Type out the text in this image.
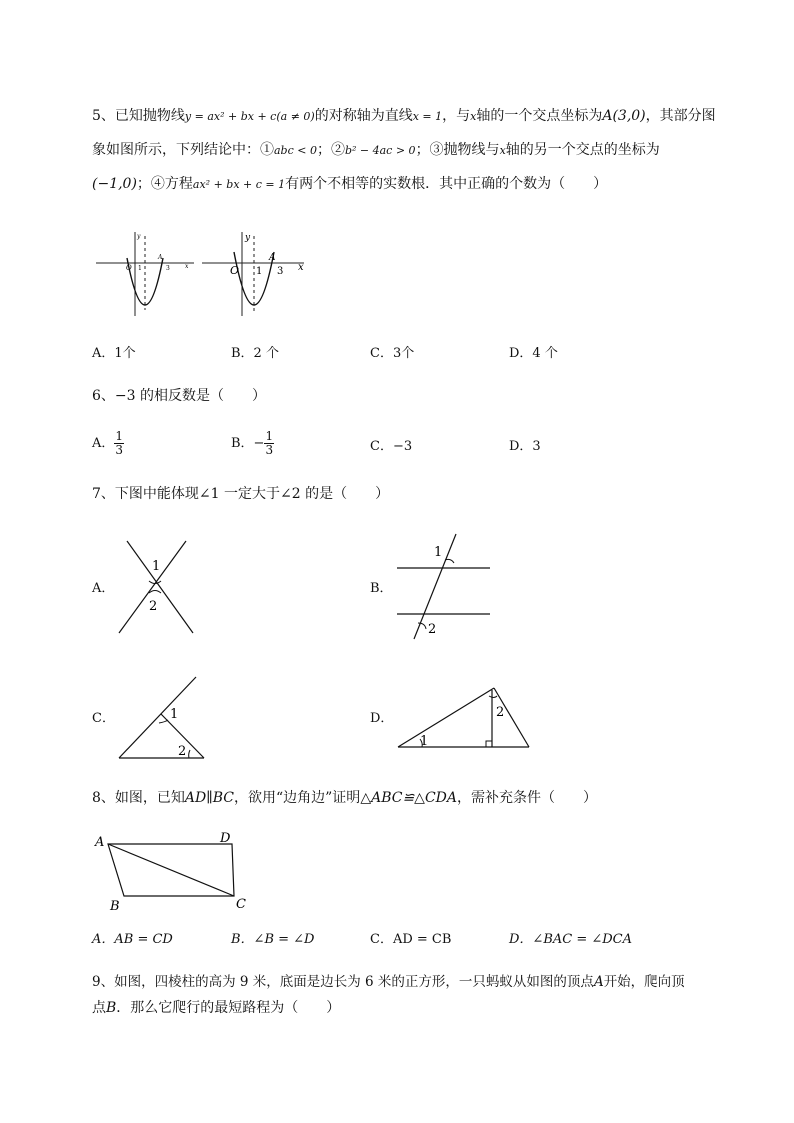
5、已知抛物线y = ax² + bx + c(a ≠ 0)的对称轴为直线x = 1，与x轴的一个交点坐标为A(3,0)，其部分图
象如图所示，下列结论中：①abc < 0；②b² − 4ac > 0；③抛物线与x轴的另一个交点的坐标为
(−1,0)；④方程ax² + bx + c = 1有两个不相等的实数根．其中正确的个数为（　　）
y
O 1
A
3	x
y
O 1
A
3 x
A．1个	B．2 个	C．3个	D．4 个
6、−3 的相反数是（　　）
A． $\frac{1}{3}$	B．− $\frac{1}{3}$	C．−3	D．3
7、下图中能体现∠1 一定大于∠2 的是（　　）
A．
1
2
B．
1
2
C．	1
2
D．	2
1
8、如图，已知AD∥BC，欲用“边角边”证明△ABC≌△CDA，需补充条件（　　）
A	D
B	C
A．AB = CD	B．∠B = ∠D	C．AD = CB	D．∠BAC = ∠DCA
9、如图，四棱柱的高为 9 米，底面是边长为 6 米的正方形，一只蚂蚁从如图的顶点A开始，爬向顶
点B．那么它爬行的最短路程为（　　）
